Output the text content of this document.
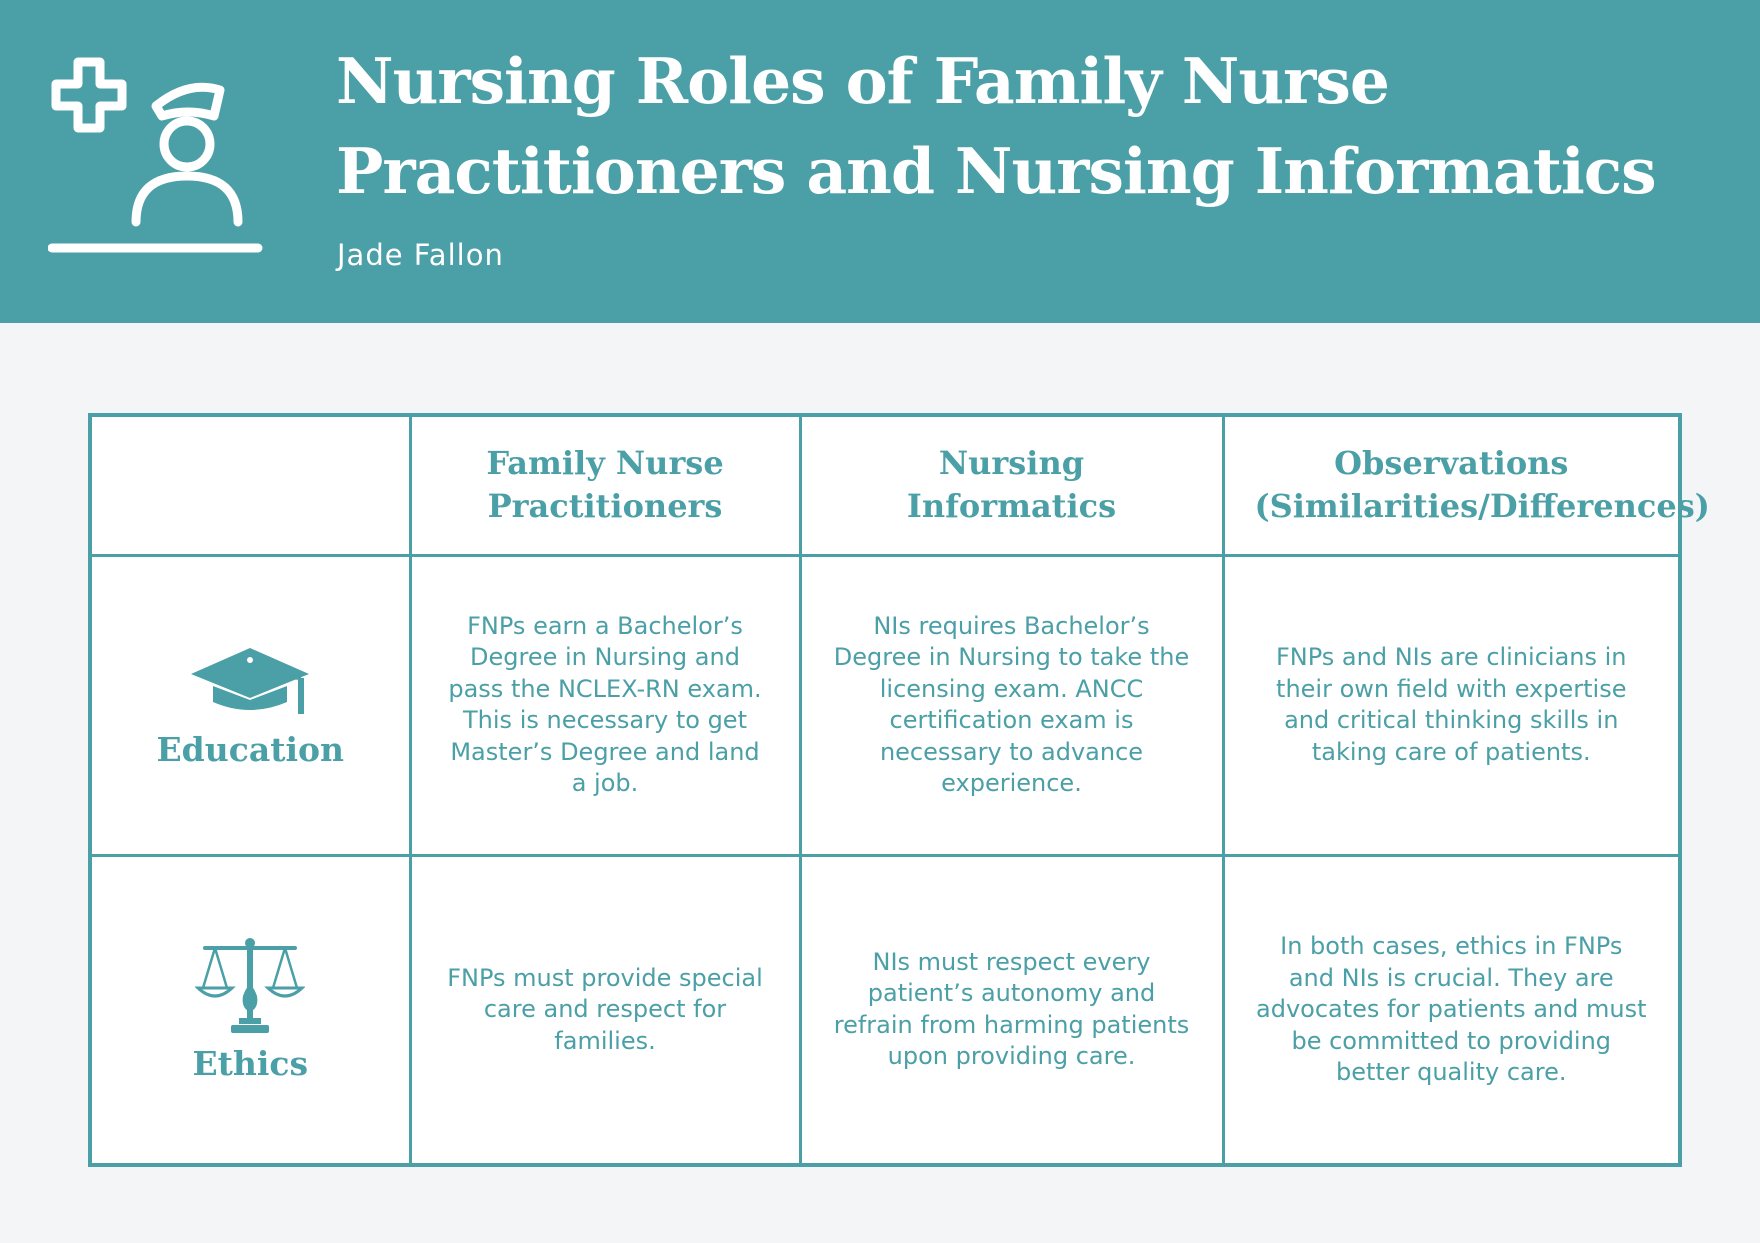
Nursing Roles of Family Nurse Practitioners and Nursing Informatics
Jade Fallon

	Family Nurse Practitioners	Nursing Informatics	Observations (Similarities/Differences)

Education	FNPs earn a Bachelor’s Degree in Nursing and pass the NCLEX-RN exam. This is necessary to get Master’s Degree and land a job.	NIs requires Bachelor’s Degree in Nursing to take the licensing exam. ANCC certification exam is necessary to advance experience.	FNPs and NIs are clinicians in their own field with expertise and critical thinking skills in taking care of patients.

Ethics	FNPs must provide special care and respect for families.	NIs must respect every patient’s autonomy and refrain from harming patients upon providing care.	In both cases, ethics in FNPs and NIs is crucial. They are advocates for patients and must be committed to providing better quality care.
